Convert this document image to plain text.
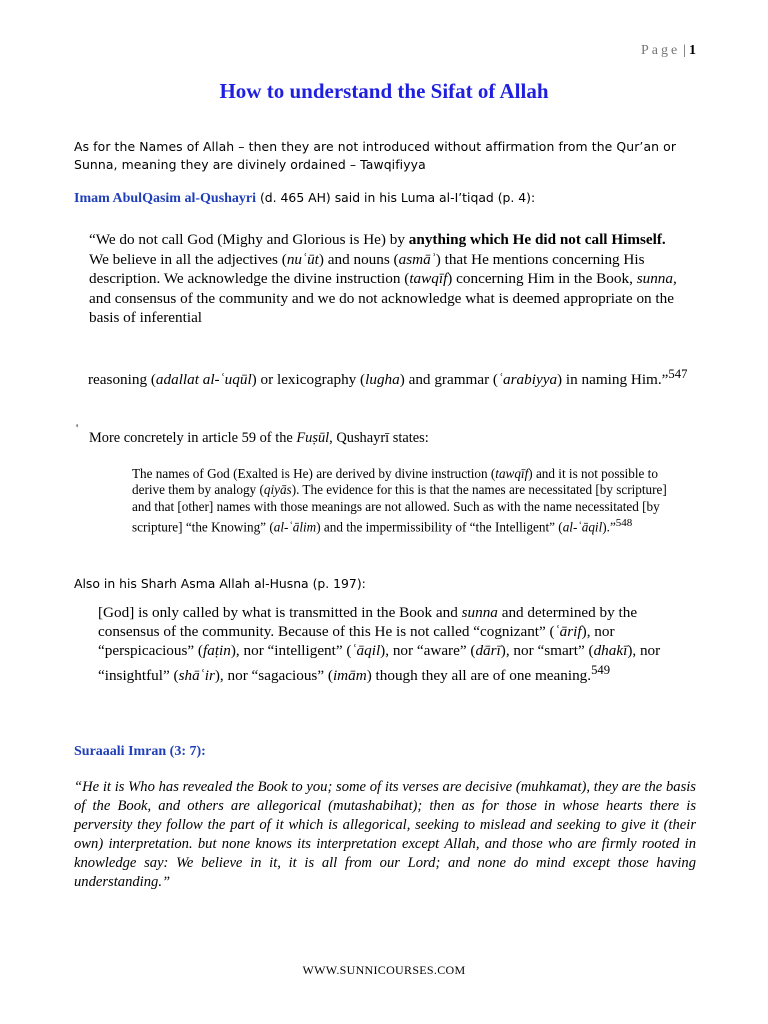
Page | 1
How to understand the Sifat of Allah
As for the Names of Allah – then they are not introduced without affirmation from the Qur’an or Sunna, meaning they are divinely ordained – Tawqifiyya
Imam AbulQasim al-Qushayri (d. 465 AH) said in his Luma al-I’tiqad (p. 4):
“We do not call God (Mighy and Glorious is He) by anything which He did not call Himself. We believe in all the adjectives (nuʿūt) and nouns (asmāʾ) that He mentions concerning His description. We acknowledge the divine instruction (tawqīf) concerning Him in the Book, sunna, and consensus of the community and we do not acknowledge what is deemed appropriate on the basis of inferential
reasoning (adallat al-ʿuqūl) or lexicography (lugha) and grammar (ʿarabiyya) in naming Him.”$^{547}$
'
More concretely in article 59 of the Fuṣūl, Qushayrī states:
The names of God (Exalted is He) are derived by divine instruction (tawqīf) and it is not possible to derive them by analogy (qiyās). The evidence for this is that the names are necessitated [by scripture] and that [other] names with those meanings are not allowed. Such as with the name necessitated [by scripture] “the Knowing” (al-ʿālim) and the impermissibility of “the Intelligent” (al-ʿāqil).”$^{548}$
Also in his Sharh Asma Allah al-Husna (p. 197):
[God] is only called by what is transmitted in the Book and sunna and determined by the consensus of the community. Because of this He is not called “cognizant” (ʿārif), nor “perspicacious” (faṭin), nor “intelligent” (ʿāqil), nor “aware” (dārī), nor “smart” (dhakī), nor “insightful” (shāʿir), nor “sagacious” (imām) though they all are of one meaning.$^{549}$
Suraaali Imran (3: 7):
“He it is Who has revealed the Book to you; some of its verses are decisive (muhkamat), they are the basis of the Book, and others are allegorical (mutashabihat); then as for those in whose hearts there is perversity they follow the part of it which is allegorical, seeking to mislead and seeking to give it (their own) interpretation. but none knows its interpretation except Allah, and those who are firmly rooted in knowledge say: We believe in it, it is all from our Lord; and none do mind except those having understanding.”
WWW.SUNNICOURSES.COM
